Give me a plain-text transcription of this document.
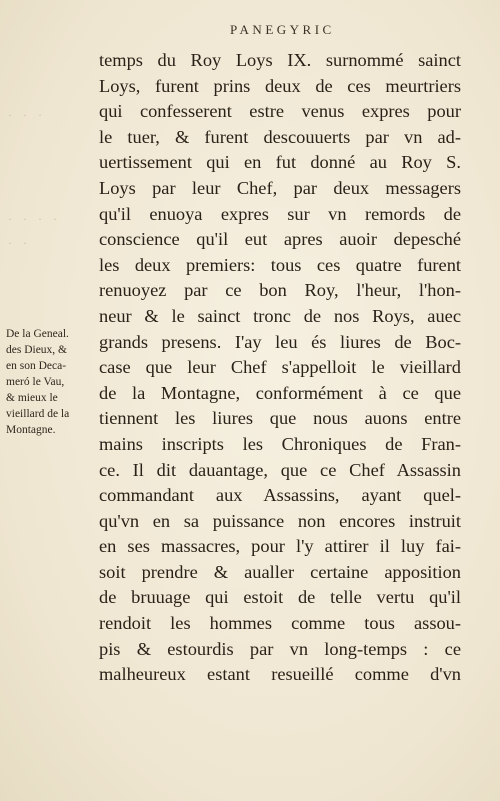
PANEGYRIC
· · ·
· · · ·
· ·
De la Geneal.
des Dieux, &
en son Deca-
meró le Vau,
& mieux le
vieillard de la
Montagne.
temps du Roy Loys IX. surnommé sainct
Loys, furent prins deux de ces meurtriers
qui confesserent estre venus expres pour
le tuer, & furent descouuerts par vn ad-
uertissement qui en fut donné au Roy S.
Loys par leur Chef, par deux messagers
qu'il enuoya expres sur vn remords de
conscience qu'il eut apres auoir depesché
les deux premiers: tous ces quatre furent
renuoyez par ce bon Roy, l'heur, l'hon-
neur & le sainct tronc de nos Roys, auec
grands presens. I'ay leu és liures de Boc-
case que leur Chef s'appelloit le vieillard
de la Montagne, conformément à ce que
tiennent les liures que nous auons entre
mains inscripts les Chroniques de Fran-
ce. Il dit dauantage, que ce Chef Assassin
commandant aux Assassins, ayant quel-
qu'vn en sa puissance non encores instruit
en ses massacres, pour l'y attirer il luy fai-
soit prendre & aualler certaine apposition
de bruuage qui estoit de telle vertu qu'il
rendoit les hommes comme tous assou-
pis & estourdis par vn long-temps : ce
malheureux estant resueillé comme d'vn
